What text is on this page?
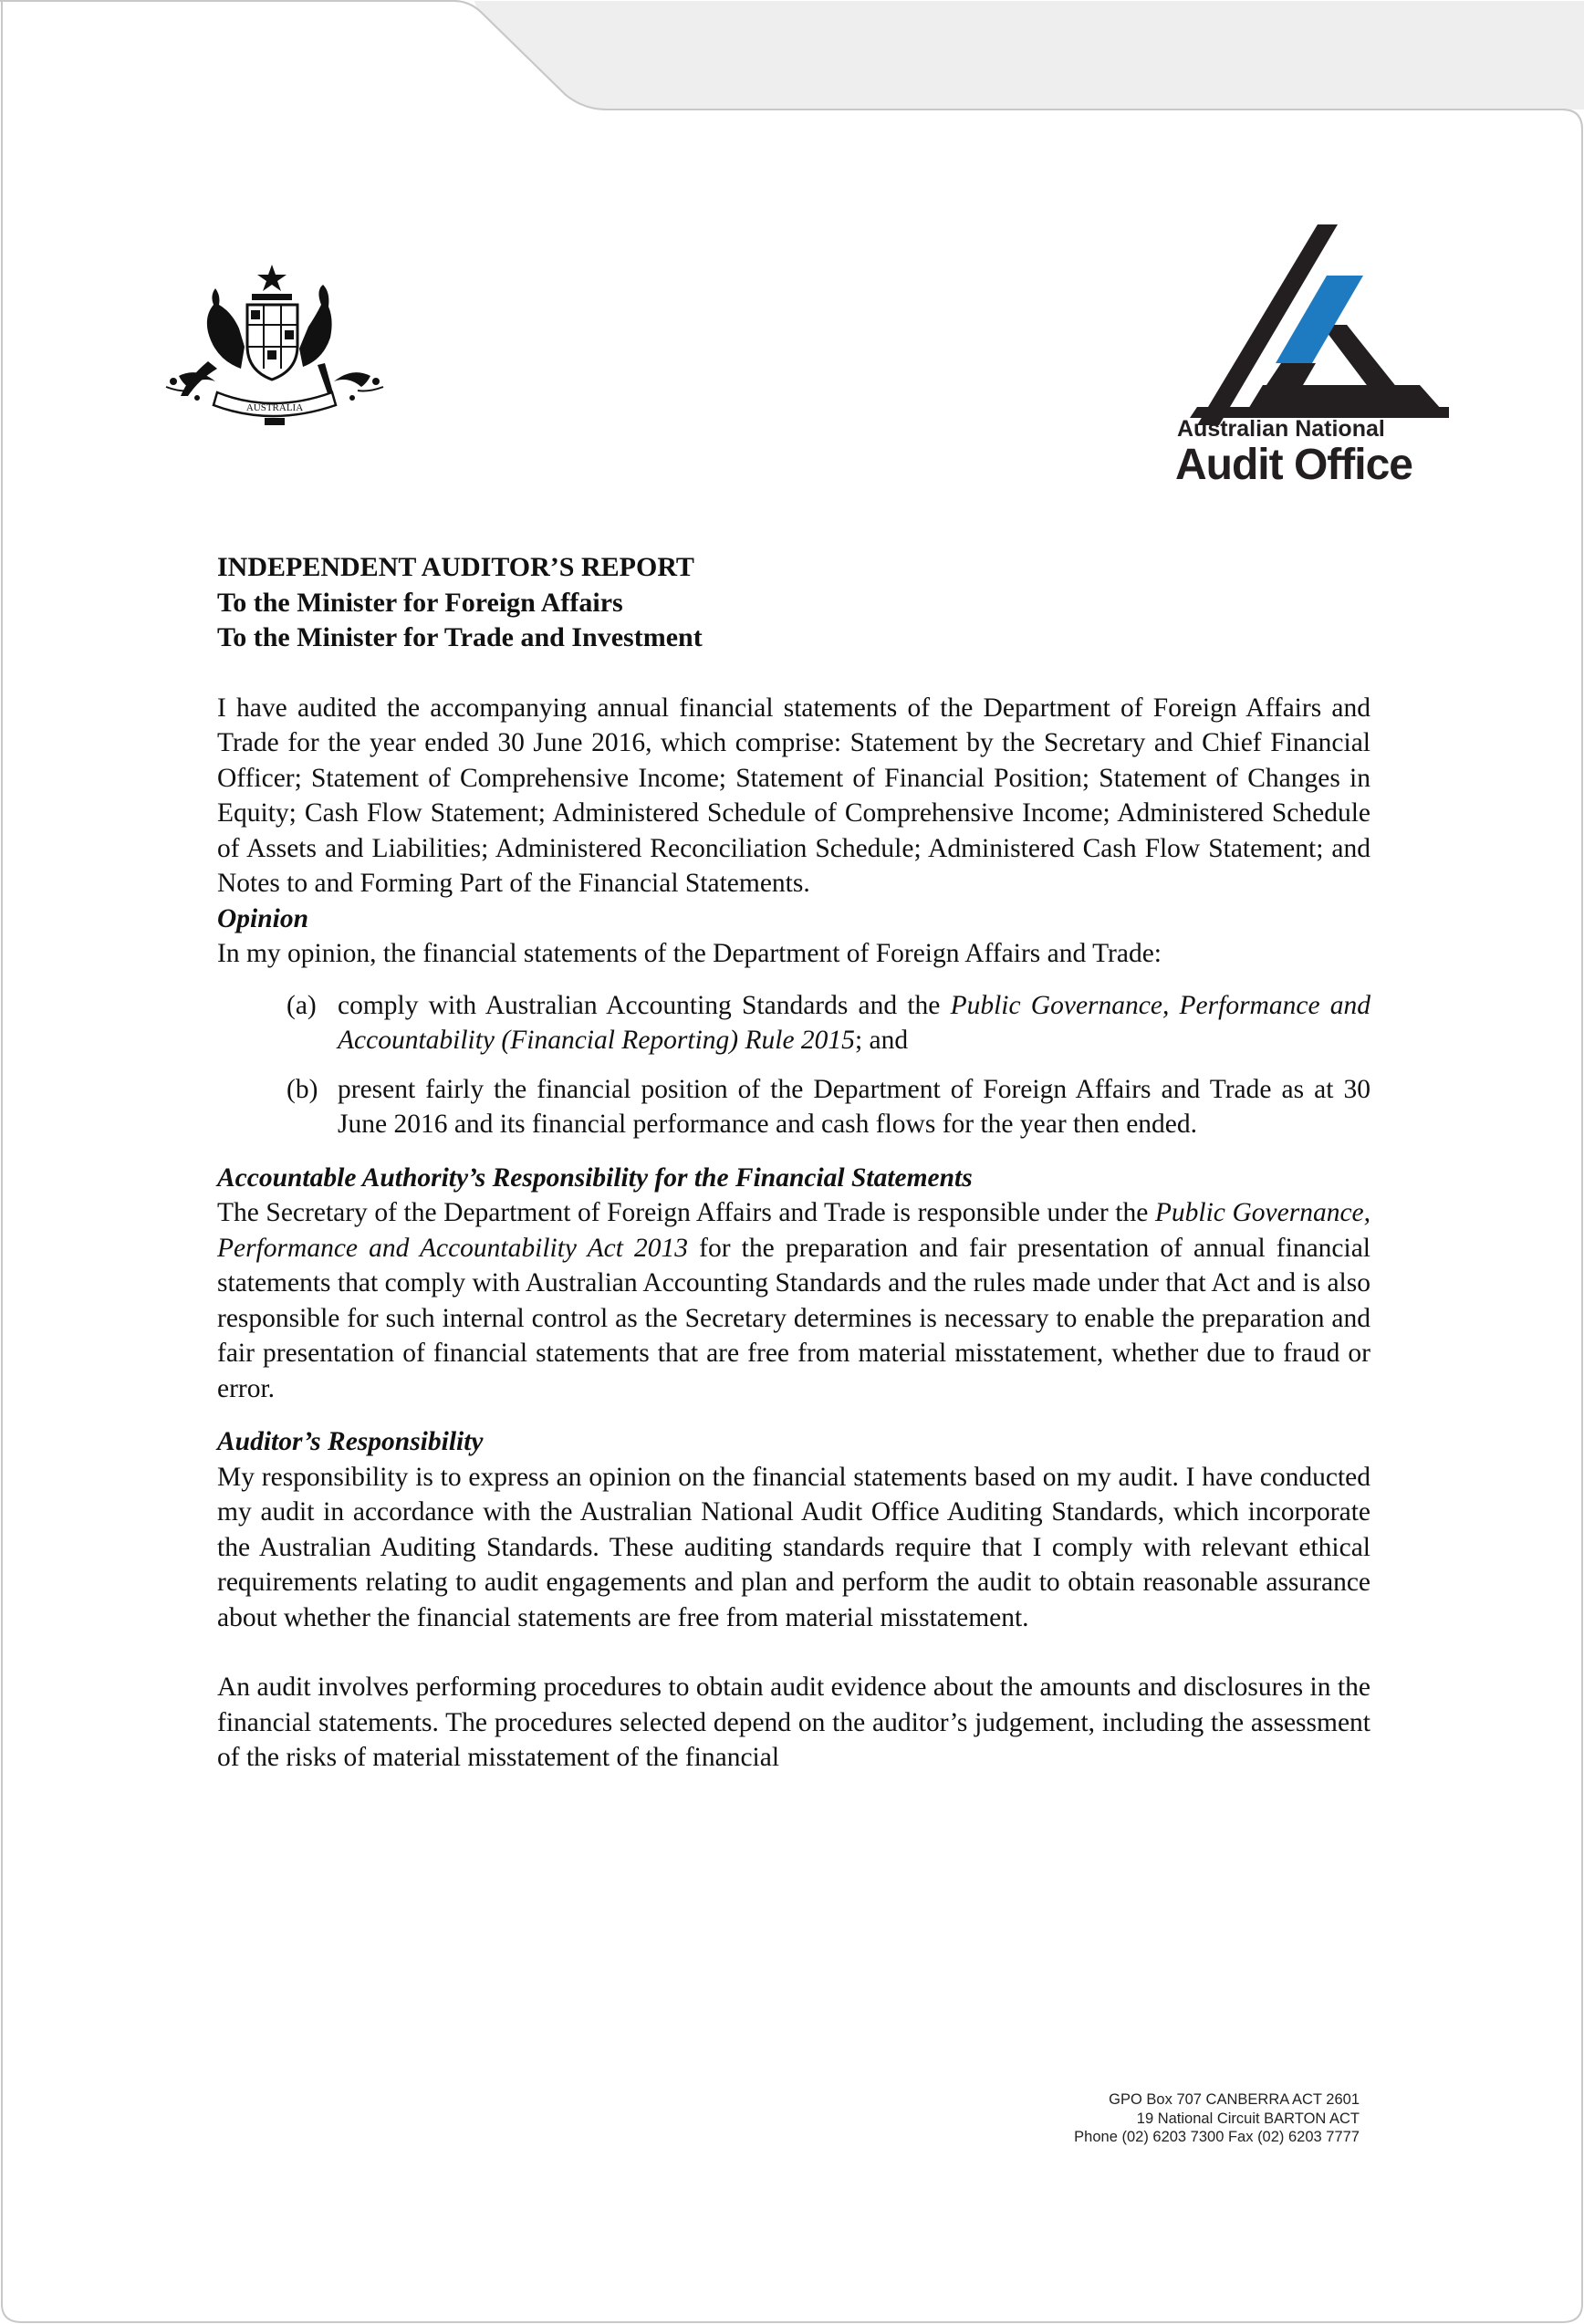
AUSTRALIA
Australian National
Audit Office

INDEPENDENT AUDITOR’S REPORT

To the Minister for Foreign Affairs
To the Minister for Trade and Investment

I have audited the accompanying annual financial statements of the Department of Foreign Affairs and Trade for the year ended 30 June 2016, which comprise: Statement by the Secretary and Chief Financial Officer; Statement of Comprehensive Income; Statement of Financial Position; Statement of Changes in Equity; Cash Flow Statement; Administered Schedule of Comprehensive Income; Administered Schedule of Assets and Liabilities; Administered Reconciliation Schedule; Administered Cash Flow Statement; and Notes to and Forming Part of the Financial Statements.

Opinion

In my opinion, the financial statements of the Department of Foreign Affairs and Trade:

(a) comply with Australian Accounting Standards and the Public Governance, Performance and Accountability (Financial Reporting) Rule 2015; and
(b) present fairly the financial position of the Department of Foreign Affairs and Trade as at 30 June 2016 and its financial performance and cash flows for the year then ended.

Accountable Authority’s Responsibility for the Financial Statements

The Secretary of the Department of Foreign Affairs and Trade is responsible under the Public Governance, Performance and Accountability Act 2013 for the preparation and fair presentation of annual financial statements that comply with Australian Accounting Standards and the rules made under that Act and is also responsible for such internal control as the Secretary determines is necessary to enable the preparation and fair presentation of financial statements that are free from material misstatement, whether due to fraud or error.

Auditor’s Responsibility

My responsibility is to express an opinion on the financial statements based on my audit. I have conducted my audit in accordance with the Australian National Audit Office Auditing Standards, which incorporate the Australian Auditing Standards. These auditing standards require that I comply with relevant ethical requirements relating to audit engagements and plan and perform the audit to obtain reasonable assurance about whether the financial statements are free from material misstatement.

An audit involves performing procedures to obtain audit evidence about the amounts and disclosures in the financial statements. The procedures selected depend on the auditor’s judgement, including the assessment of the risks of material misstatement of the financial

GPO Box 707 CANBERRA ACT 2601
19 National Circuit BARTON ACT
Phone (02) 6203 7300 Fax (02) 6203 7777
